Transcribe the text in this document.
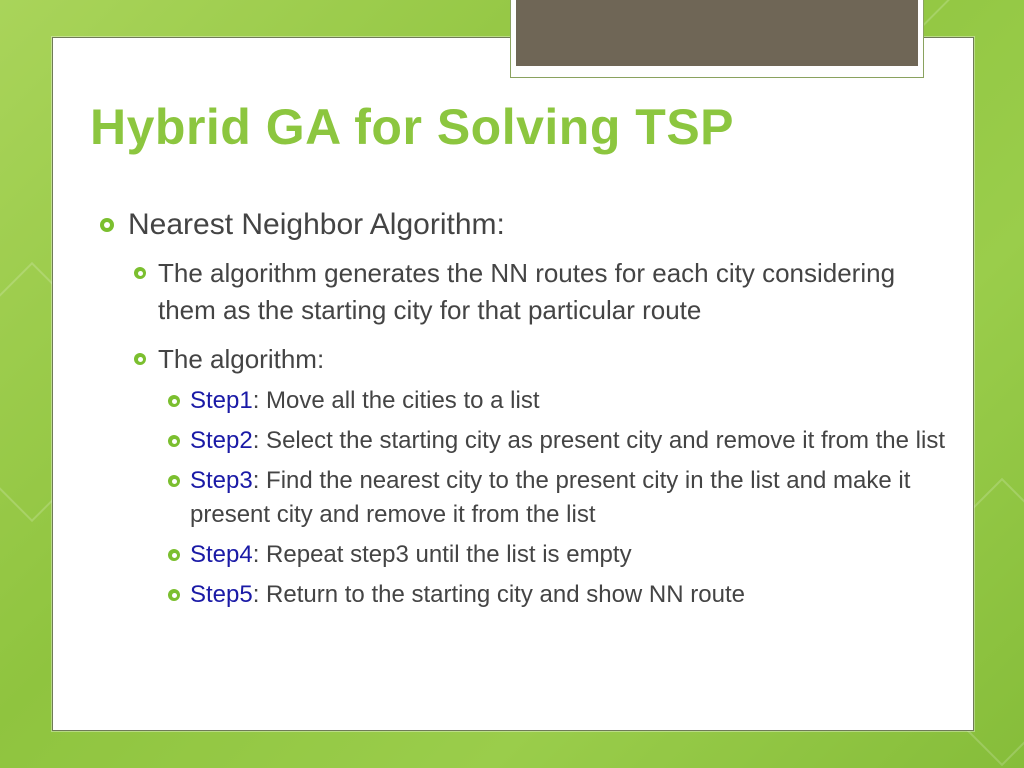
Hybrid GA for Solving TSP
Nearest Neighbor Algorithm:
The algorithm generates the NN routes for each city considering them as the starting city for that particular route
The algorithm:
Step1: Move all the cities to a list
Step2: Select the starting city as present city and remove it from the list
Step3: Find the nearest city to the present city in the list and make it present city and remove it from the list
Step4: Repeat step3 until the list is empty
Step5: Return to the starting city and show NN route
